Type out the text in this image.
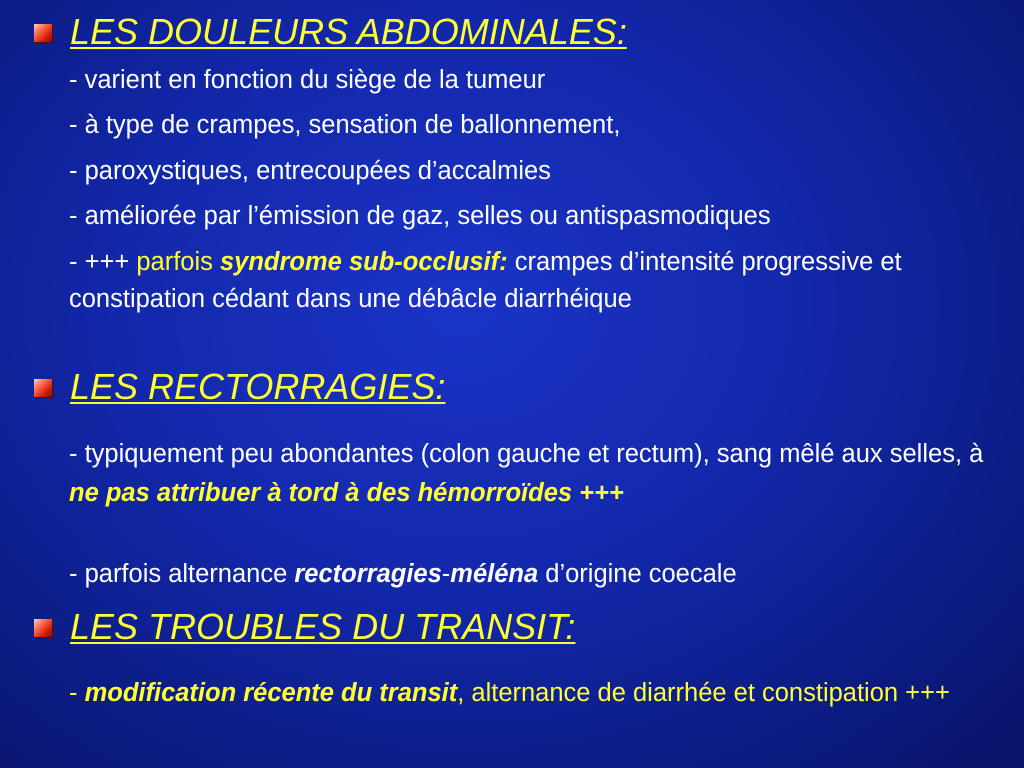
LES DOULEURS ABDOMINALES:

- varient en fonction du siège de la tumeur

- à type de crampes, sensation de ballonnement,

- paroxystiques, entrecoupées d’accalmies

- améliorée par l’émission de gaz, selles ou antispasmodiques

- +++ parfois syndrome sub-occlusif: crampes d’intensité progressive et constipation cédant dans une débâcle diarrhéique

LES RECTORRAGIES:

- typiquement peu abondantes (colon gauche et rectum), sang mêlé aux selles, à ne pas attribuer à tord à des hémorroïdes +++

- parfois alternance rectorragies-méléna d’origine coecale

LES TROUBLES DU TRANSIT:

- modification récente du transit, alternance de diarrhée et constipation +++
